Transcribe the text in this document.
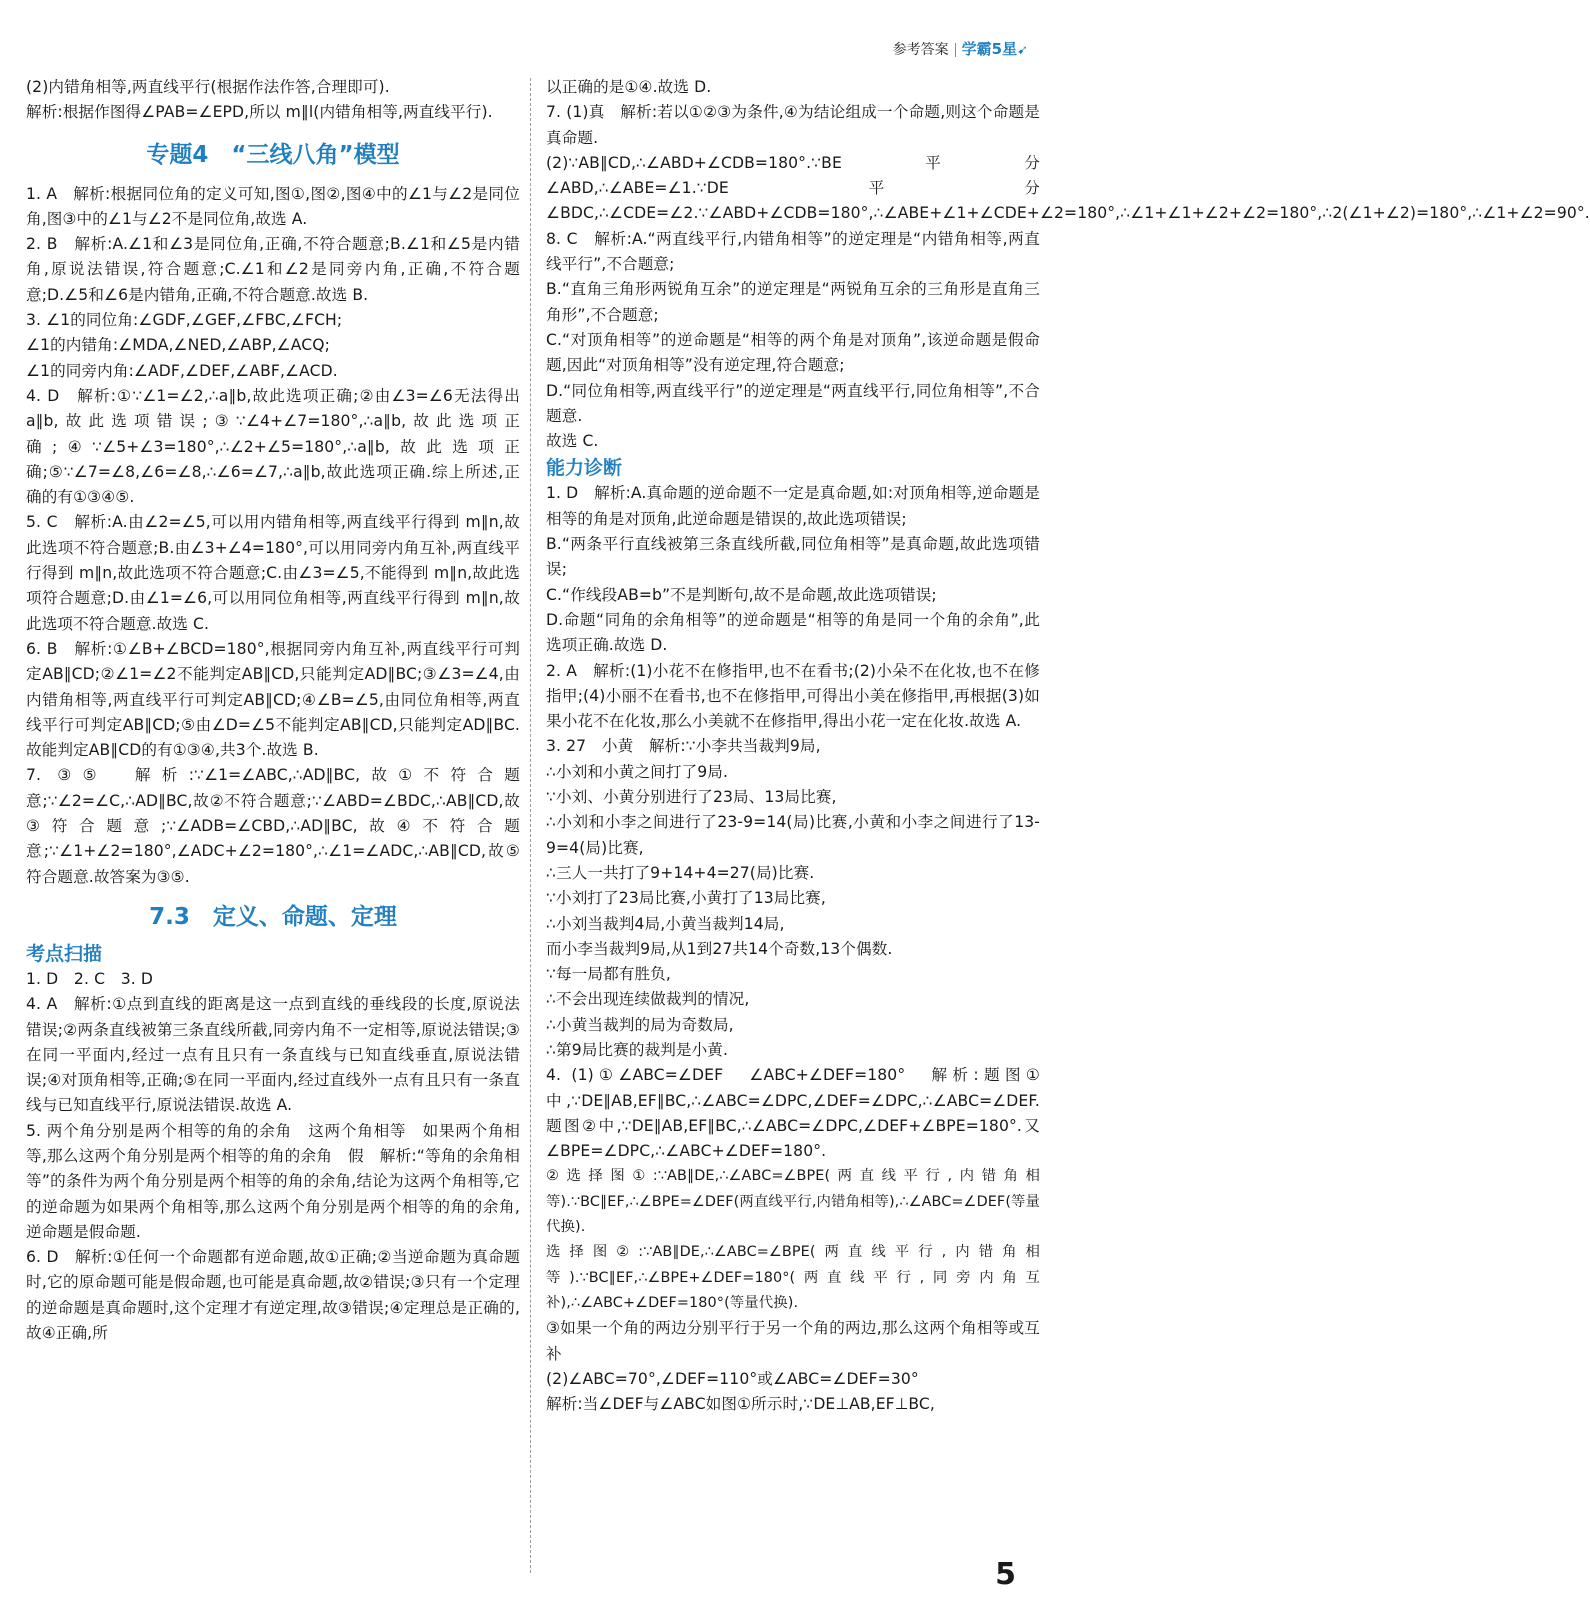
参考答案 学霸5星➹

(2)内错角相等,两直线平行(根据作法作答,合理即可).
解析:根据作图得∠PAB=∠EPD,所以 m∥l(内错角相等,两直线平行).

专题4　“三线八角”模型

1. A　解析:根据同位角的定义可知,图①,图②,图④中的∠1与∠2是同位角,图③中的∠1与∠2不是同位角,故选 A.

2. B　解析:A.∠1和∠3是同位角,正确,不符合题意;B.∠1和∠5是内错角,原说法错误,符合题意;C.∠1和∠2是同旁内角,正确,不符合题意;D.∠5和∠6是内错角,正确,不符合题意.故选 B.

3. ∠1的同位角:∠GDF,∠GEF,∠FBC,∠FCH;
∠1的内错角:∠MDA,∠NED,∠ABP,∠ACQ;
∠1的同旁内角:∠ADF,∠DEF,∠ABF,∠ACD.

4. D　解析:①∵∠1=∠2,∴a∥b,故此选项正确;②由∠3=∠6无法得出a∥b,故此选项错误;③∵∠4+∠7=180°,∴a∥b,故此选项正确;④∵∠5+∠3=180°,∴∠2+∠5=180°,∴a∥b,故此选项正确;⑤∵∠7=∠8,∠6=∠8,∴∠6=∠7,∴a∥b,故此选项正确.综上所述,正确的有①③④⑤.

5. C　解析:A.由∠2=∠5,可以用内错角相等,两直线平行得到 m∥n,故此选项不符合题意;B.由∠3+∠4=180°,可以用同旁内角互补,两直线平行得到 m∥n,故此选项不符合题意;C.由∠3=∠5,不能得到 m∥n,故此选项符合题意;D.由∠1=∠6,可以用同位角相等,两直线平行得到 m∥n,故此选项不符合题意.故选 C.

6. B　解析:①∠B+∠BCD=180°,根据同旁内角互补,两直线平行可判定AB∥CD;②∠1=∠2不能判定AB∥CD,只能判定AD∥BC;③∠3=∠4,由内错角相等,两直线平行可判定AB∥CD;④∠B=∠5,由同位角相等,两直线平行可判定AB∥CD;⑤由∠D=∠5不能判定AB∥CD,只能判定AD∥BC.故能判定AB∥CD的有①③④,共3个.故选 B.

7. ③⑤　解析:∵∠1=∠ABC,∴AD∥BC,故①不符合题意;∵∠2=∠C,∴AD∥BC,故②不符合题意;∵∠ABD=∠BDC,∴AB∥CD,故③符合题意;∵∠ADB=∠CBD,∴AD∥BC,故④不符合题意;∵∠1+∠2=180°,∠ADC+∠2=180°,∴∠1=∠ADC,∴AB∥CD,故⑤符合题意.故答案为③⑤.

7.3　定义、命题、定理
考点扫描

1. D　2. C　3. D

4. A　解析:①点到直线的距离是这一点到直线的垂线段的长度,原说法错误;②两条直线被第三条直线所截,同旁内角不一定相等,原说法错误;③在同一平面内,经过一点有且只有一条直线与已知直线垂直,原说法错误;④对顶角相等,正确;⑤在同一平面内,经过直线外一点有且只有一条直线与已知直线平行,原说法错误.故选 A.

5. 两个角分别是两个相等的角的余角　这两个角相等　如果两个角相等,那么这两个角分别是两个相等的角的余角　假　解析:“等角的余角相等”的条件为两个角分别是两个相等的角的余角,结论为这两个角相等,它的逆命题为如果两个角相等,那么这两个角分别是两个相等的角的余角,逆命题是假命题.

6. D　解析:①任何一个命题都有逆命题,故①正确;②当逆命题为真命题时,它的原命题可能是假命题,也可能是真命题,故②错误;③只有一个定理的逆命题是真命题时,这个定理才有逆定理,故③错误;④定理总是正确的,故④正确,所

以正确的是①④.故选 D.

7. (1)真　解析:若以①②③为条件,④为结论组成一个命题,则这个命题是真命题.
(2)∵AB∥CD,∴∠ABD+∠CDB=180°.∵BE平分∠ABD,∴∠ABE=∠1.∵DE平分∠BDC,∴∠CDE=∠2.∵∠ABD+∠CDB=180°,∴∠ABE+∠1+∠CDE+∠2=180°,∴∠1+∠1+∠2+∠2=180°,∴2(∠1+∠2)=180°,∴∠1+∠2=90°.

8. C　解析:A.“两直线平行,内错角相等”的逆定理是“内错角相等,两直线平行”,不合题意;
B.“直角三角形两锐角互余”的逆定理是“两锐角互余的三角形是直角三角形”,不合题意;
C.“对顶角相等”的逆命题是“相等的两个角是对顶角”,该逆命题是假命题,因此“对顶角相等”没有逆定理,符合题意;
D.“同位角相等,两直线平行”的逆定理是“两直线平行,同位角相等”,不合题意.
故选 C.

能力诊断

1. D　解析:A.真命题的逆命题不一定是真命题,如:对顶角相等,逆命题是相等的角是对顶角,此逆命题是错误的,故此选项错误;
B.“两条平行直线被第三条直线所截,同位角相等”是真命题,故此选项错误;
C.“作线段AB=b”不是判断句,故不是命题,故此选项错误;
D.命题“同角的余角相等”的逆命题是“相等的角是同一个角的余角”,此选项正确.故选 D.

2. A　解析:(1)小花不在修指甲,也不在看书;(2)小朵不在化妆,也不在修指甲;(4)小丽不在看书,也不在修指甲,可得出小美在修指甲,再根据(3)如果小花不在化妆,那么小美就不在修指甲,得出小花一定在化妆.故选 A.

3. 27　小黄　解析:∵小李共当裁判9局,
∴小刘和小黄之间打了9局.
∵小刘、小黄分别进行了23局、13局比赛,
∴小刘和小李之间进行了23-9=14(局)比赛,小黄和小李之间进行了13-9=4(局)比赛,
∴三人一共打了9+14+4=27(局)比赛.
∵小刘打了23局比赛,小黄打了13局比赛,
∴小刘当裁判4局,小黄当裁判14局,
而小李当裁判9局,从1到27共14个奇数,13个偶数.
∵每一局都有胜负,
∴不会出现连续做裁判的情况,
∴小黄当裁判的局为奇数局,
∴第9局比赛的裁判是小黄.

4. (1)①∠ABC=∠DEF　∠ABC+∠DEF=180°　解析:题图①中,∵DE∥AB,EF∥BC,∴∠ABC=∠DPC,∠DEF=∠DPC,∴∠ABC=∠DEF.题图②中,∵DE∥AB,EF∥BC,∴∠ABC=∠DPC,∠DEF+∠BPE=180°.又∠BPE=∠DPC,∴∠ABC+∠DEF=180°.

②选择图①:∵AB∥DE,∴∠ABC=∠BPE(两直线平行,内错角相等).∵BC∥EF,∴∠BPE=∠DEF(两直线平行,内错角相等),∴∠ABC=∠DEF(等量代换).
选择图②:∵AB∥DE,∴∠ABC=∠BPE(两直线平行,内错角相等).∵BC∥EF,∴∠BPE+∠DEF=180°(两直线平行,同旁内角互补),∴∠ABC+∠DEF=180°(等量代换).

③如果一个角的两边分别平行于另一个角的两边,那么这两个角相等或互补
(2)∠ABC=70°,∠DEF=110°或∠ABC=∠DEF=30°
解析:当∠DEF与∠ABC如图①所示时,∵DE⊥AB,EF⊥BC,

5
